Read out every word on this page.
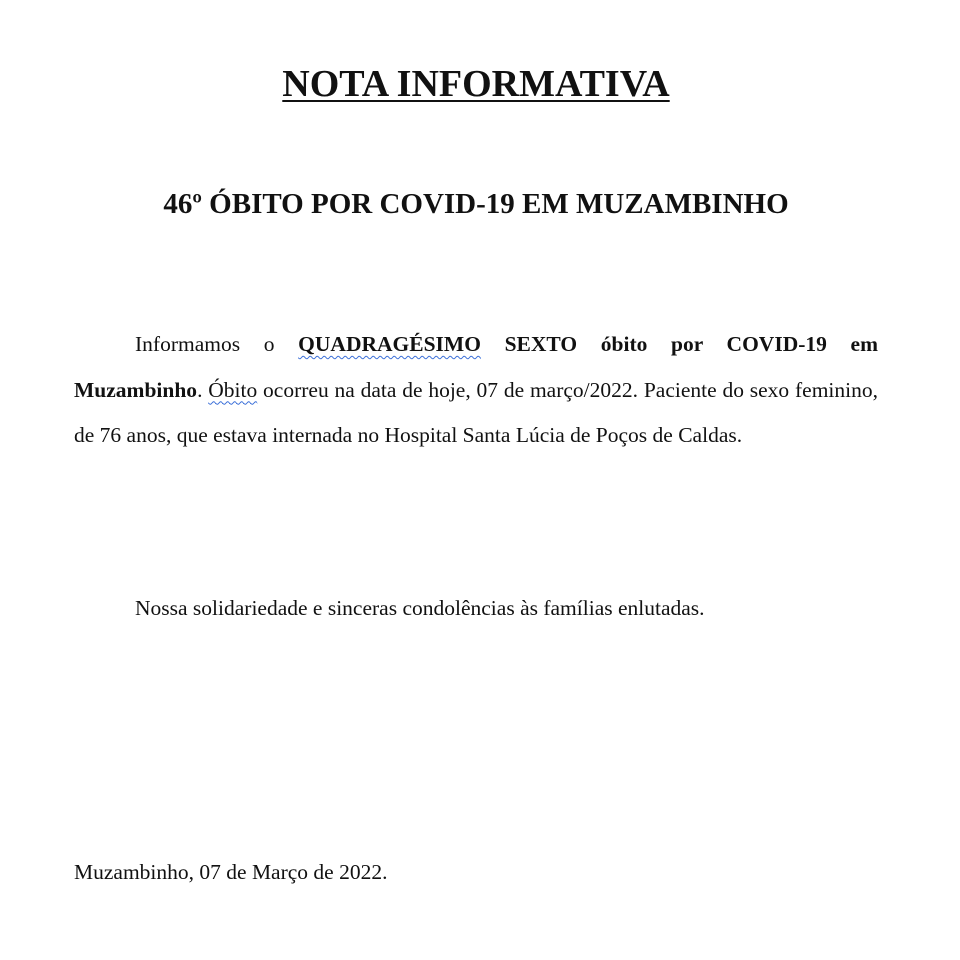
NOTA INFORMATIVA
46º ÓBITO POR COVID-19 EM MUZAMBINHO

Informamos o QUADRAGÉSIMO SEXTO óbito por COVID-19 em Muzambinho. Óbito ocorreu na data de hoje, 07 de março/2022. Paciente do sexo feminino, de 76 anos, que estava internada no Hospital Santa Lúcia de Poços de Caldas.

Nossa solidariedade e sinceras condolências às famílias enlutadas.

Muzambinho, 07 de Março de 2022.
